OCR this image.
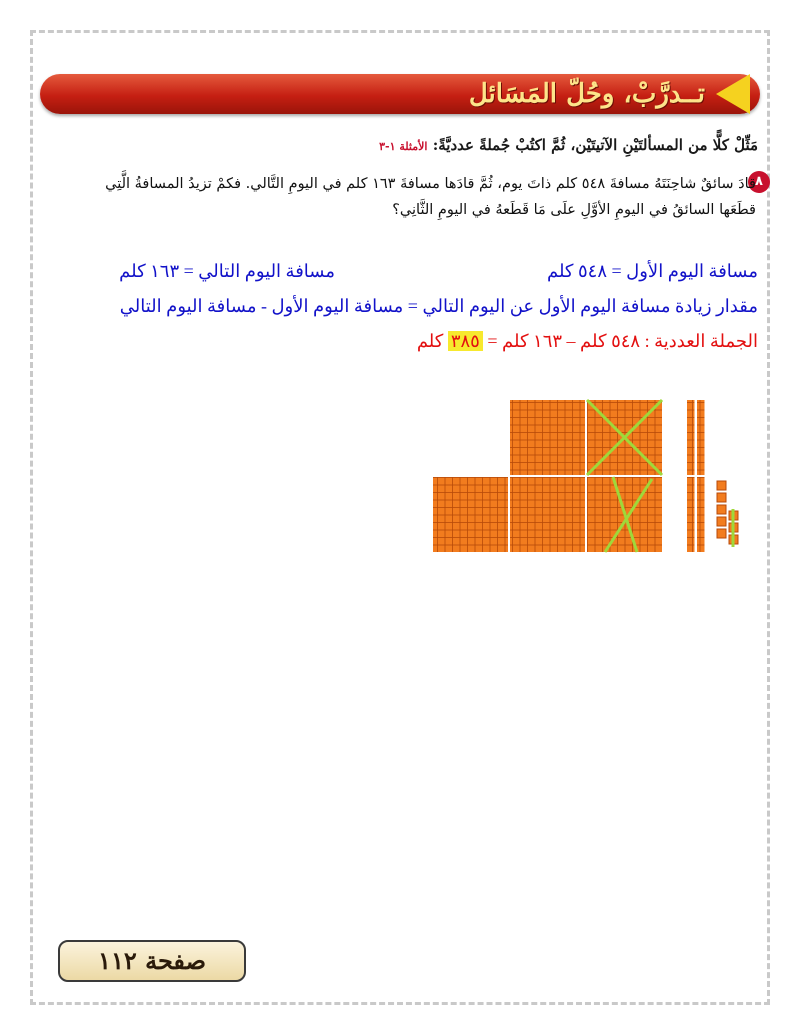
تــدرَّبْ، وحُلّ المَسَائل
مَثِّلْ كلًّا من المسألتَيْنِ الآتيتَيْن، ثُمَّ اكتُبْ جُملةً عدديَّةً: الأمثلة ١-٣
٨
قادَ سائقٌ شاحِنَتَهُ مسافةَ ٥٤٨ كلم ذاتَ يوم، ثُمَّ قادَها مسافةَ ١٦٣ كلم في اليومِ التَّالي. فكمْ تزيدُ المسافةُ الَّتِي قطَعَها السائقُ في اليومِ الأوَّلِ علَى مَا قَطَعهُ في اليومِ الثَّانِي؟
مسافة اليوم الأول = ٥٤٨ كلم
مسافة اليوم التالي = ١٦٣ كلم
مقدار زيادة مسافة اليوم الأول عن اليوم التالي = مسافة اليوم الأول - مسافة اليوم التالي
الجملة العددية : ٥٤٨ كلم – ١٦٣ كلم = ٣٨٥ كلم
صفحة ١١٢
